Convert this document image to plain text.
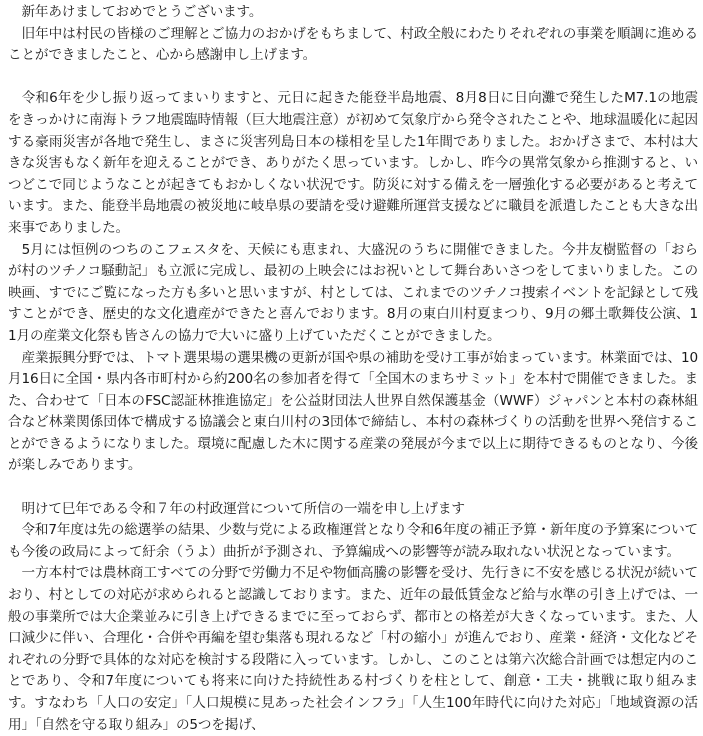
　新年あけましておめでとうございます。

　旧年中は村民の皆様のご理解とご協力のおかげをもちまして、村政全般にわたりそれぞれの事業を順調に進めることができましたこと、心から感謝申し上げます。

　令和6年を少し振り返ってまいりますと、元日に起きた能登半島地震、8月8日に日向灘で発生したM7.1の地震をきっかけに南海トラフ地震臨時情報（巨大地震注意）が初めて気象庁から発令されたことや、地球温暖化に起因する豪雨災害が各地で発生し、まさに災害列島日本の様相を呈した1年間でありました。おかげさまで、本村は大きな災害もなく新年を迎えることができ、ありがたく思っています。しかし、昨今の異常気象から推測すると、いつどこで同じようなことが起きてもおかしくない状況です。防災に対する備えを一層強化する必要があると考えています。また、能登半島地震の被災地に岐阜県の要請を受け避難所運営支援などに職員を派遣したことも大きな出来事でありました。

　5月には恒例のつちのこフェスタを、天候にも恵まれ、大盛況のうちに開催できました。今井友樹監督の「おらが村のツチノコ騒動記」も立派に完成し、最初の上映会にはお祝いとして舞台あいさつをしてまいりました。この映画、すでにご覧になった方も多いと思いますが、村としては、これまでのツチノコ捜索イベントを記録として残すことができ、歴史的な文化遺産ができたと喜んでおります。8月の東白川村夏まつり、9月の郷土歌舞伎公演、11月の産業文化祭も皆さんの協力で大いに盛り上げていただくことができました。

　産業振興分野では、トマト選果場の選果機の更新が国や県の補助を受け工事が始まっています。林業面では、10月16日に全国・県内各市町村から約200名の参加者を得て「全国木のまちサミット」を本村で開催できました。また、合わせて「日本のFSC認証林推進協定」を公益財団法人世界自然保護基金（WWF）ジャパンと本村の森林組合など林業関係団体で構成する協議会と東白川村の3団体で締結し、本村の森林づくりの活動を世界へ発信することができるようになりました。環境に配慮した木に関する産業の発展が今まで以上に期待できるものとなり、今後が楽しみであります。

　明けて巳年である令和７年の村政運営について所信の一端を申し上げます

　令和7年度は先の総選挙の結果、少数与党による政権運営となり令和6年度の補正予算・新年度の予算案についても今後の政局によって紆余（うよ）曲折が予測され、予算編成への影響等が読み取れない状況となっています。

　一方本村では農林商工すべての分野で労働力不足や物価高騰の影響を受け、先行きに不安を感じる状況が続いており、村としての対応が求められると認識しております。また、近年の最低賃金など給与水準の引き上げでは、一般の事業所では大企業並みに引き上げできるまでに至っておらず、都市との格差が大きくなっています。また、人口減少に伴い、合理化・合併や再編を望む集落も現れるなど「村の縮小」が進んでおり、産業・経済・文化などそれぞれの分野で具体的な対応を検討する段階に入っています。しかし、このことは第六次総合計画では想定内のことであり、令和7年度についても将来に向けた持続性ある村づくりを柱として、創意・工夫・挑戦に取り組みます。すなわち「人口の安定」「人口規模に見あった社会インフラ」「人生100年時代に向けた対応」「地域資源の活用」「自然を守る取り組み」の5つを掲げ、
